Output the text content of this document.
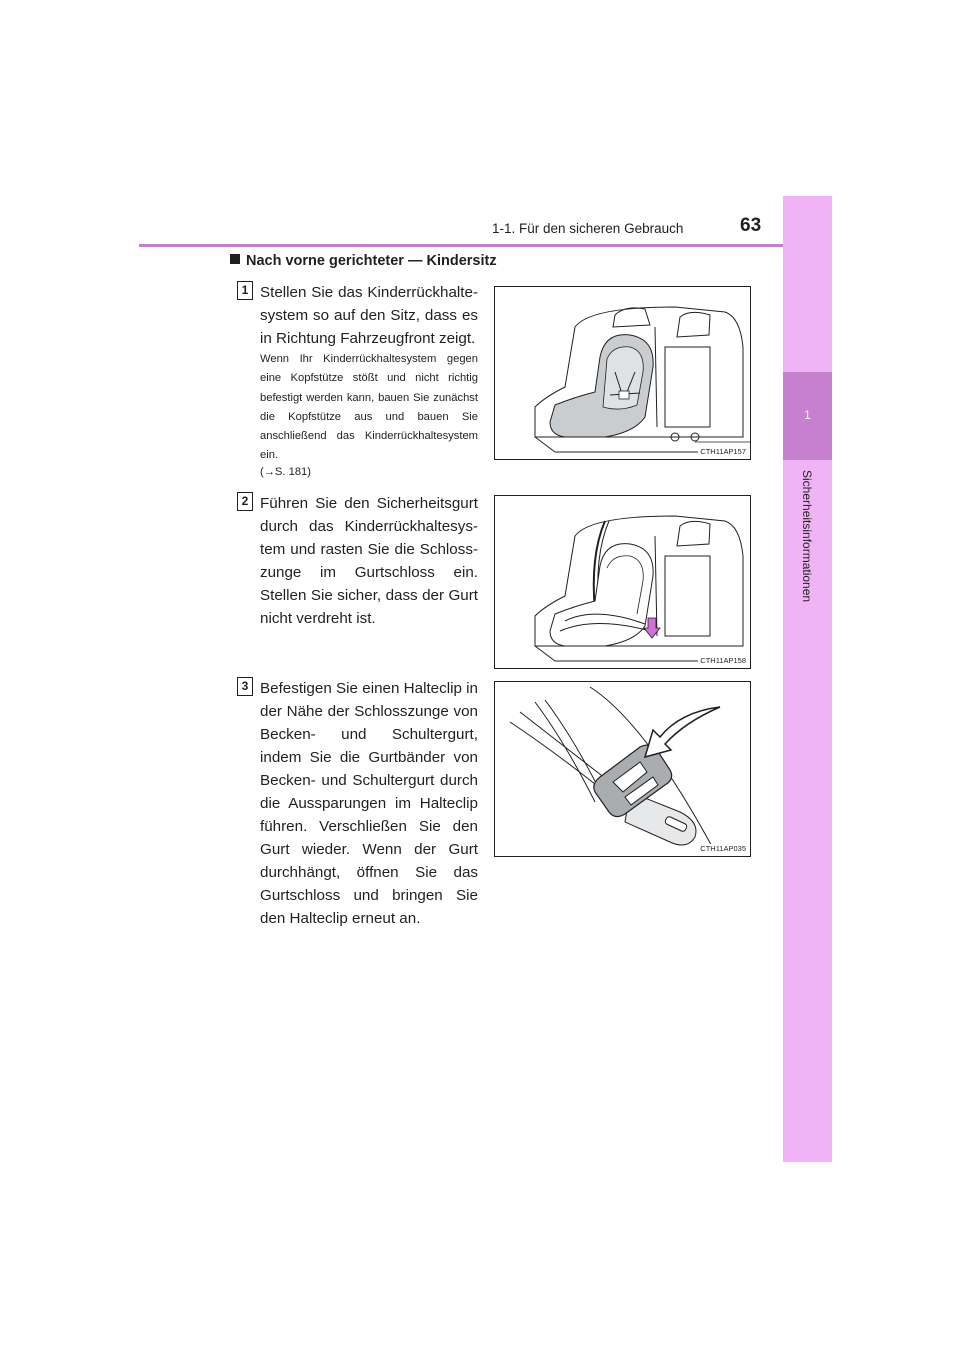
1-1. Für den sicheren Gebrauch	63
1
Sicherheitsinformationen
Nach vorne gerichteter — Kindersitz
1 Stellen Sie das Kinderrückhalte-system so auf den Sitz, dass es in Richtung Fahrzeugfront zeigt.
Wenn Ihr Kinderrückhaltesystem gegen eine Kopfstütze stößt und nicht richtig befestigt werden kann, bauen Sie zunächst die Kopfstütze aus und bauen Sie anschließend das Kinderrückhaltesystem ein.
(→S. 181)
CTH11AP157
2 Führen Sie den Sicherheitsgurt durch das Kinderrückhaltesys-tem und rasten Sie die Schloss-zunge im Gurtschloss ein. Stellen Sie sicher, dass der Gurt nicht verdreht ist.
CTH11AP158
3 Befestigen Sie einen Halteclip in der Nähe der Schlosszunge von Becken- und Schultergurt, indem Sie die Gurtbänder von Becken- und Schultergurt durch die Aussparungen im Halteclip führen. Verschließen Sie den Gurt wieder. Wenn der Gurt durchhängt, öffnen Sie das Gurtschloss und bringen Sie den Halteclip erneut an.
CTH11AP035
